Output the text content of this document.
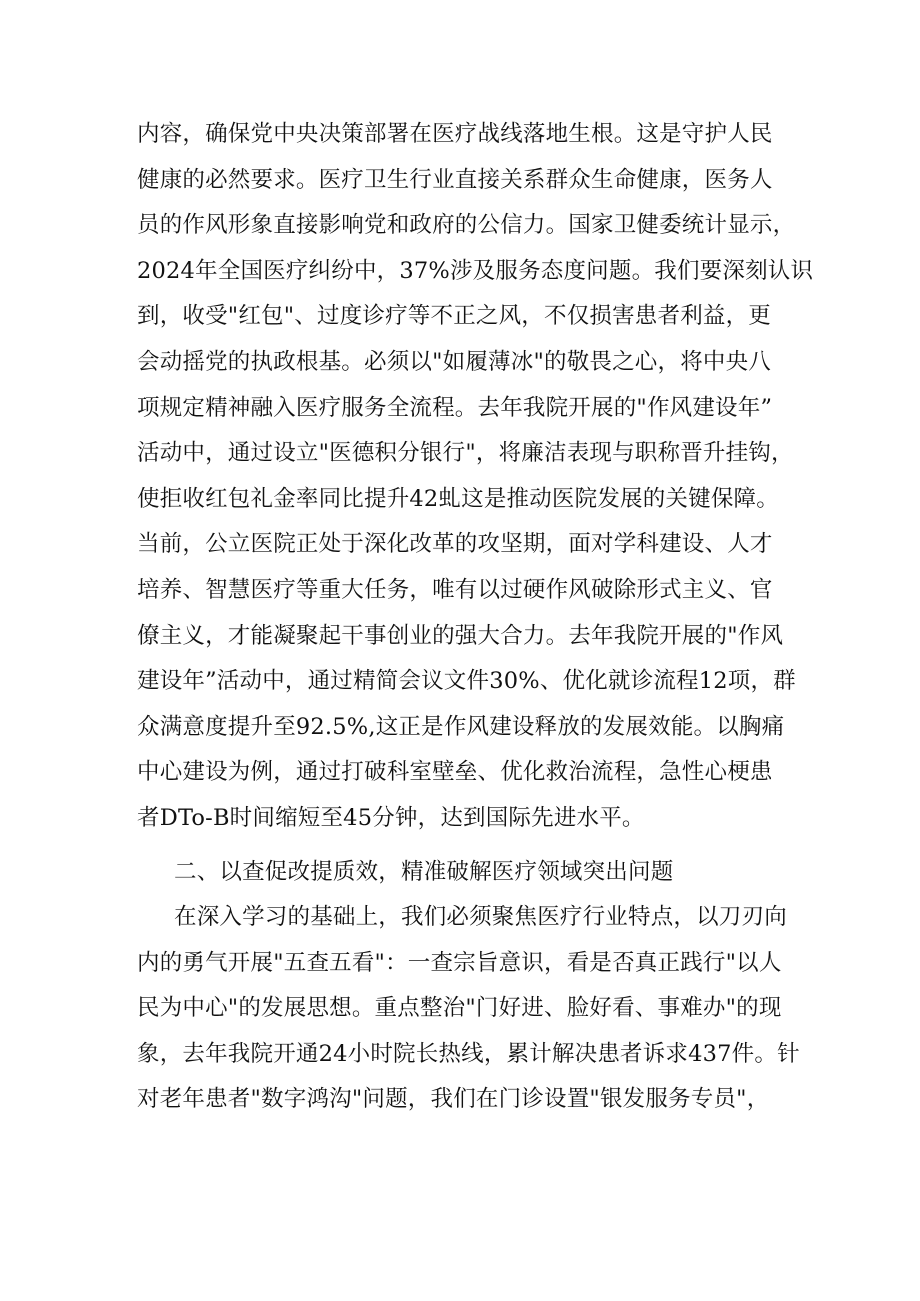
内容，确保党中央决策部署在医疗战线落地生根。这是守护人民
健康的必然要求。医疗卫生行业直接关系群众生命健康，医务人
员的作风形象直接影响党和政府的公信力。国家卫健委统计显示，
2024年全国医疗纠纷中，37%涉及服务态度问题。我们要深刻认识
到，收受"红包"、过度诊疗等不正之风，不仅损害患者利益，更
会动摇党的执政根基。必须以"如履薄冰"的敬畏之心，将中央八
项规定精神融入医疗服务全流程。去年我院开展的"作风建设年”
活动中，通过设立"医德积分银行"，将廉洁表现与职称晋升挂钩，
使拒收红包礼金率同比提升42虬这是推动医院发展的关键保障。
当前，公立医院正处于深化改革的攻坚期，面对学科建设、人才
培养、智慧医疗等重大任务，唯有以过硬作风破除形式主义、官
僚主义，才能凝聚起干事创业的强大合力。去年我院开展的"作风
建设年”活动中，通过精简会议文件30%、优化就诊流程12项，群
众满意度提升至92.5%,这正是作风建设释放的发展效能。以胸痛
中心建设为例，通过打破科室壁垒、优化救治流程，急性心梗患
者DTo-B时间缩短至45分钟，达到国际先进水平。
二、以查促改提质效，精准破解医疗领域突出问题
在深入学习的基础上，我们必须聚焦医疗行业特点，以刀刃向
内的勇气开展"五查五看"：一查宗旨意识，看是否真正践行"以人
民为中心"的发展思想。重点整治"门好进、脸好看、事难办"的现
象，去年我院开通24小时院长热线，累计解决患者诉求437件。针
对老年患者"数字鸿沟"问题，我们在门诊设置"银发服务专员"，
